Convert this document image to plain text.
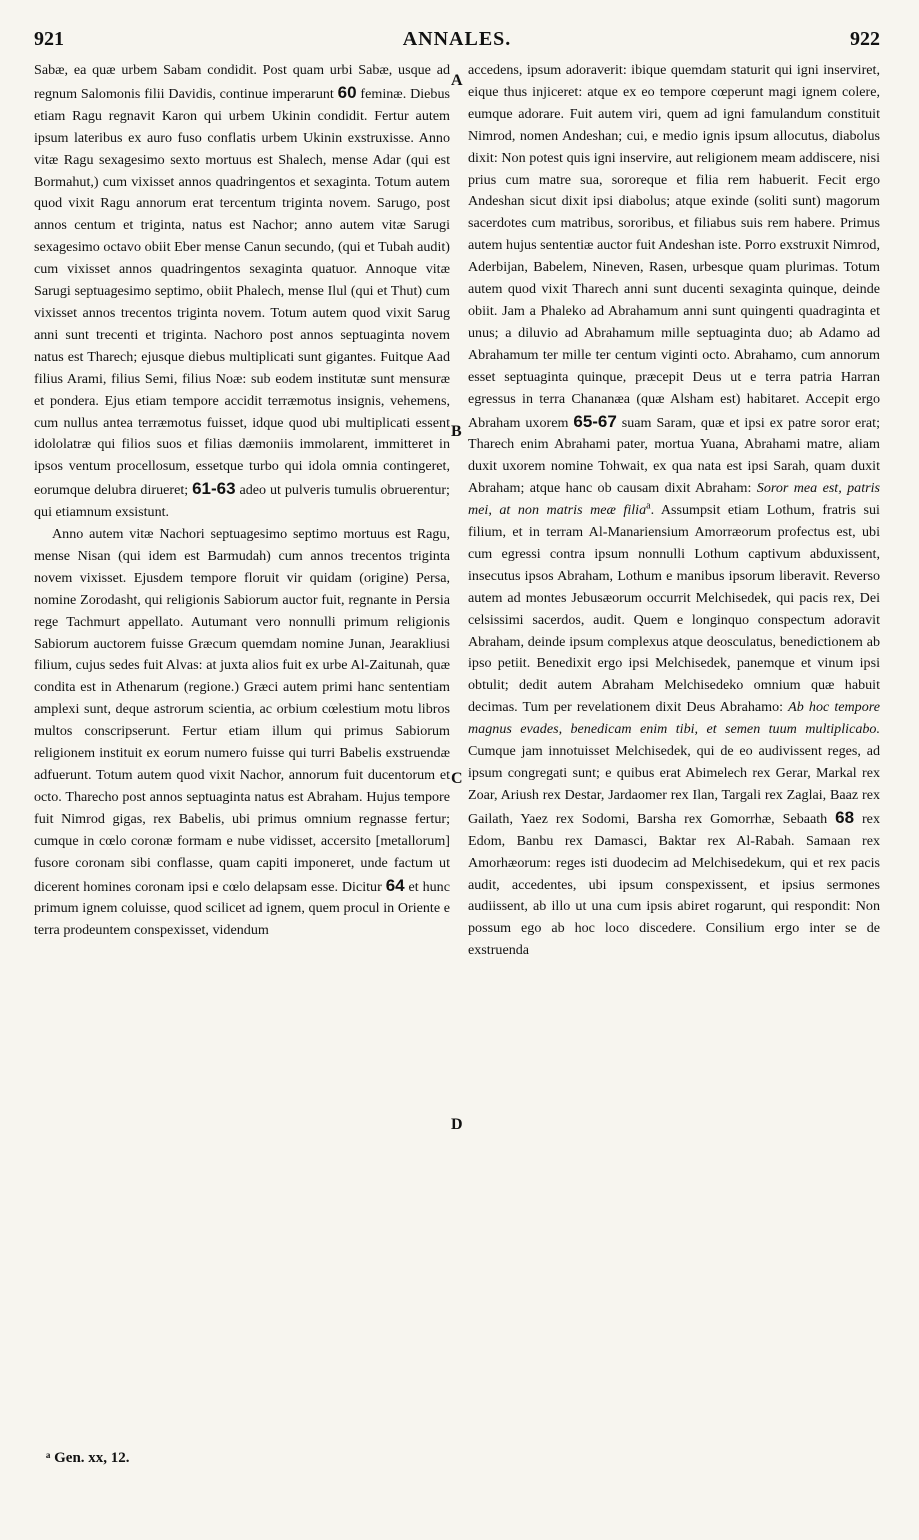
921	ANNALES.	922

Sabæ, ea quæ urbem Sabam condidit. Post quam urbi Sabæ, usque ad regnum Salomonis filii Davidis, continue imperarunt 60 feminæ. Diebus etiam Ragu regnavit Karon qui urbem Ukinin condidit. Fertur autem ipsum lateribus ex auro fuso conflatis urbem Ukinin exstruxisse. Anno vitæ Ragu sexagesimo sexto mortuus est Shalech, mense Adar (qui est Bormahut,) cum vixisset annos quadringentos et sexaginta. Totum autem quod vixit Ragu annorum erat tercentum triginta novem. Sarugo, post annos centum et triginta, natus est Nachor; anno autem vitæ Sarugi sexagesimo octavo obiit Eber mense Canun secundo, (qui et Tubah audit) cum vixisset annos quadringentos sexaginta quatuor. Annoque vitæ Sarugi septuagesimo septimo, obiit Phalech, mense Ilul (qui et Thut) cum vixisset annos trecentos triginta novem. Totum autem quod vixit Sarug anni sunt trecenti et triginta. Nachoro post annos septuaginta novem natus est Tharech; ejusque diebus multiplicati sunt gigantes. Fuitque Aad filius Arami, filius Semi, filius Noæ: sub eodem institutæ sunt mensuræ et pondera. Ejus etiam tempore accidit terræmotus insignis, vehemens, cum nullus antea terræmotus fuisset, idque quod ubi multiplicati essent idololatræ qui filios suos et filias dæmoniis immolarent, immitteret in ipsos ventum procellosum, essetque turbo qui idola omnia contingeret, eorumque delubra dirueret; 61-63 adeo ut pulveris tumulis obruerentur; qui etiamnum exsistunt.

Anno autem vitæ Nachori septuagesimo septimo mortuus est Ragu, mense Nisan (qui idem est Barmudah) cum annos trecentos triginta novem vixisset. Ejusdem tempore floruit vir quidam (origine) Persa, nomine Zorodasht, qui religionis Sabiorum auctor fuit, regnante in Persia rege Tachmurt appellato. Autumant vero nonnulli primum religionis Sabiorum auctorem fuisse Græcum quemdam nomine Junan, Jearakliusi filium, cujus sedes fuit Alvas: at juxta alios fuit ex urbe Al-Zaitunah, quæ condita est in Athenarum (regione.) Græci autem primi hanc sententiam amplexi sunt, deque astrorum scientia, ac orbium cœlestium motu libros multos conscripserunt. Fertur etiam illum qui primus Sabiorum religionem instituit ex eorum numero fuisse qui turri Babelis exstruendæ adfuerunt. Totum autem quod vixit Nachor, annorum fuit ducentorum et octo. Tharecho post annos septuaginta natus est Abraham. Hujus tempore fuit Nimrod gigas, rex Babelis, ubi primus omnium regnasse fertur; cumque in cœlo coronæ formam e nube vidisset, accersito [metallorum] fusore coronam sibi conflasse, quam capiti imponeret, unde factum ut dicerent homines coronam ipsi e cœlo delapsam esse. Dicitur 64 et hunc primum ignem coluisse, quod scilicet ad ignem, quem procul in Oriente e terra prodeuntem conspexisset, videndum

accedens, ipsum adoraverit: ibique quemdam staturit qui igni inserviret, eique thus injiceret: atque ex eo tempore cœperunt magi ignem colere, eumque adorare. Fuit autem viri, quem ad igni famulandum constituit Nimrod, nomen Andeshan; cui, e medio ignis ipsum allocutus, diabolus dixit: Non potest quis igni inservire, aut religionem meam addiscere, nisi prius cum matre sua, sororeque et filia rem habuerit. Fecit ergo Andeshan sicut dixit ipsi diabolus; atque exinde (soliti sunt) magorum sacerdotes cum matribus, sororibus, et filiabus suis rem habere. Primus autem hujus sententiæ auctor fuit Andeshan iste. Porro exstruxit Nimrod, Aderbijan, Babelem, Nineven, Rasen, urbesque quam plurimas. Totum autem quod vixit Tharech anni sunt ducenti sexaginta quinque, deinde obiit. Jam a Phaleko ad Abrahamum anni sunt quingenti quadraginta et unus; a diluvio ad Abrahamum mille septuaginta duo; ab Adamo ad Abrahamum ter mille ter centum viginti octo. Abrahamo, cum annorum esset septuaginta quinque, præcepit Deus ut e terra patria Harran egressus in terra Chananæa (quæ Alsham est) habitaret. Accepit ergo Abraham uxorem 65-67 suam Saram, quæ et ipsi ex patre soror erat; Tharech enim Abrahami pater, mortua Yuana, Abrahami matre, aliam duxit uxorem nomine Tohwait, ex qua nata est ipsi Sarah, quam duxit Abraham; atque hanc ob causam dixit Abraham: Soror mea est, patris mei, at non matris meæ filia$^a$. Assumpsit etiam Lothum, fratris sui filium, et in terram Al-Manariensium Amorræorum profectus est, ubi cum egressi contra ipsum nonnulli Lothum captivum abduxissent, insecutus ipsos Abraham, Lothum e manibus ipsorum liberavit. Reverso autem ad montes Jebusæorum occurrit Melchisedek, qui pacis rex, Dei celsissimi sacerdos, audit. Quem e longinquo conspectum adoravit Abraham, deinde ipsum complexus atque deosculatus, benedictionem ab ipso petiit. Benedixit ergo ipsi Melchisedek, panemque et vinum ipsi obtulit; dedit autem Abraham Melchisedeko omnium quæ habuit decimas. Tum per revelationem dixit Deus Abrahamo: Ab hoc tempore magnus evades, benedicam enim tibi, et semen tuum multiplicabo. Cumque jam innotuisset Melchisedek, qui de eo audivissent reges, ad ipsum congregati sunt; e quibus erat Abimelech rex Gerar, Markal rex Zoar, Ariush rex Destar, Jardaomer rex Ilan, Targali rex Zaglai, Baaz rex Gailath, Yaez rex Sodomi, Barsha rex Gomorrhæ, Sebaath 68 rex Edom, Banbu rex Damasci, Baktar rex Al-Rabah. Samaan rex Amorhæorum: reges isti duodecim ad Melchisedekum, qui et rex pacis audit, accedentes, ubi ipsum conspexissent, et ipsius sermones audiissent, ab illo ut una cum ipsis abiret rogarunt, qui respondit: Non possum ego ab hoc loco discedere. Consilium ergo inter se de exstruenda

A
B
C
D
ᵃ Gen. xx, 12.
